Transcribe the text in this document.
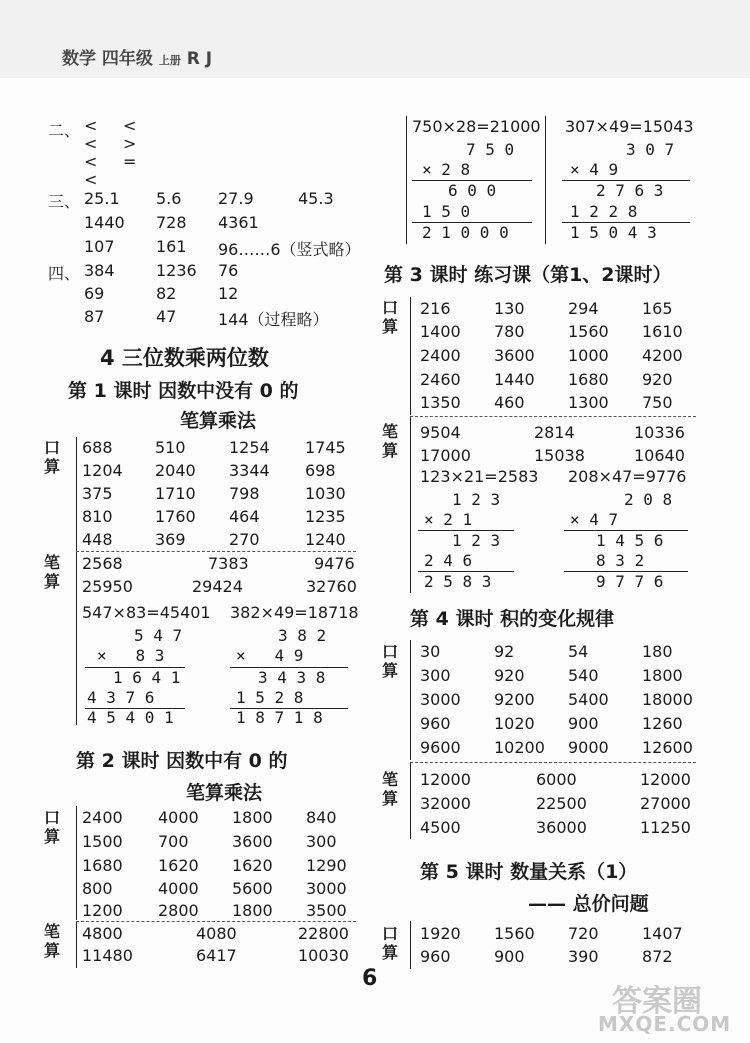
数学 四年级 上册 R J
二、 < <
< >
< =
<
三、 25.1 5.6 27.9	45.3
1440 728 4361
107	161 96……6（竖式略）
四、 384	1236 76
69	82	12
87	47	144（过程略）
4 三位数乘两位数
第 1 课时 因数中没有 0 的
笔算乘法
口
算
688	510	1254 1745
1204 2040 3344 698
375	1710 798	1030
810	1760 464	1235
448	369	270	1240
笔
算
2568	7383	9476
25950	29424	32760
547×83=45401
5 4 7
×   8 3
1 6 4 1
4 3 7 6
4 5 4 0 1
382×49=18718
3 8 2
×   4 9
3 4 3 8
1 5 2 8
1 8 7 1 8
第 2 课时 因数中有 0 的
笔算乘法
口
算
2400 4000 1800 840
1500 700	3600 300
1680 1620 1620 1290
800	4000 5600 3000
1200 2800 1800 3500
笔
算
4800	4080	22800
11480	6417	10030
6
750×28=21000
7 5 0
× 2 8
6 0 0
1 5 0
2 1 0 0 0
307×49=15043
3 0 7
× 4 9
2 7 6 3
1 2 2 8
1 5 0 4 3
第 3 课时 练习课（第1、2课时）
口
算
216	130	294	165
1400 780	1560 1610
2400 3600 1000 4200
2460 1440 1680 920
1350 460	1300 750
笔
算
9504	2814	10336
17000	15038	10640
123×21=2583
1 2 3
× 2 1
1 2 3
2 4 6
2 5 8 3
208×47=9776
2 0 8
× 4 7
1 4 5 6
8 3 2
9 7 7 6
第 4 课时 积的变化规律
口
算
30	92	54	180
300	920	540	1800
3000 9200 5400 18000
960	1020 900	1260
9600 10200 9000 12600
笔
算
12000	6000	12000
32000	22500	27000
4500	36000	11250
第 5 课时 数量关系（1）
—— 总价问题
口
算
1920 1560 720	1407
960	900	390	872
答案圈
MXQE.COM
